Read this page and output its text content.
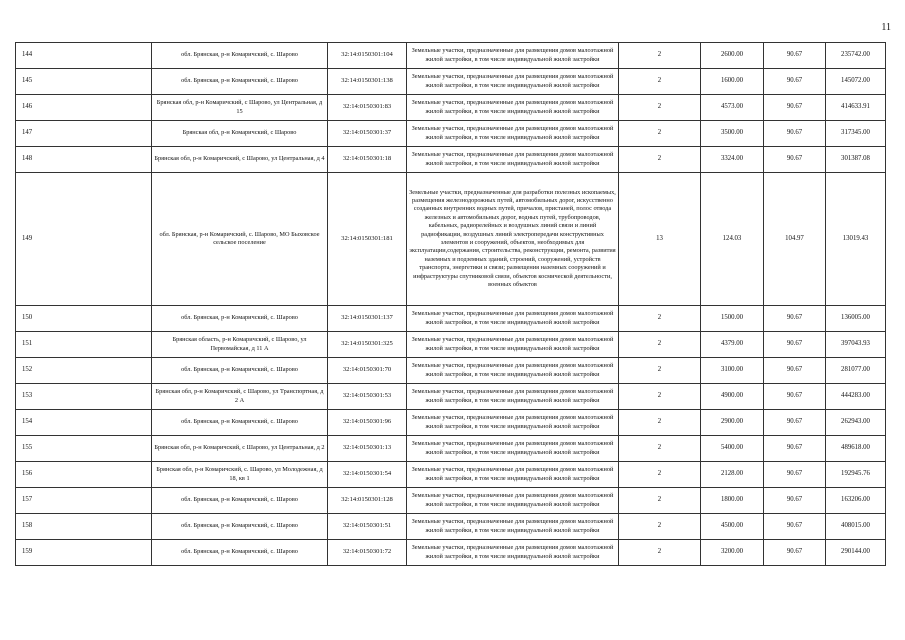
11
144	обл. Брянская, р-н Комаричский, с. Шарово	32:14:0150301:104	Земельные участки, предназначенные для размещения домов малоэтажной жилой застройки, в том числе индивидуальной жилой застройки	2	2600.00	90.67	235742.00
145	обл. Брянская, р-н Комаричский, с. Шарово	32:14:0150301:138	Земельные участки, предназначенные для размещения домов малоэтажной жилой застройки, в том числе индивидуальной жилой застройки	2	1600.00	90.67	145072.00
146	Брянская обл, р-н Комаричский, с Шарово, ул Центральная, д 15	32:14:0150301:83	Земельные участки, предназначенные для размещения домов малоэтажной жилой застройки, в том числе индивидуальной жилой застройки	2	4573.00	90.67	414633.91
147	Брянская обл, р-н Комаричский, с Шарово	32:14:0150301:37	Земельные участки, предназначенные для размещения домов малоэтажной жилой застройки, в том числе индивидуальной жилой застройки	2	3500.00	90.67	317345.00
148	Брянская обл, р-н Комаричский, с Шарово, ул Центральная, д 4	32:14:0150301:18	Земельные участки, предназначенные для размещения домов малоэтажной жилой застройки, в том числе индивидуальной жилой застройки	2	3324.00	90.67	301387.08
149	обл. Брянская, р-н Комаричский, с. Шарово, МО Быховское сельское поселение	32:14:0150301:181	Земельные участки, предназначенные для разработки полезных ископаемых, размещения железнодорожных путей, автомобильных дорог, искусственно созданных внутренних водных путей, причалов, пристаней, полос отвода железных и автомобильных дорог, водных путей, трубопроводов, кабельных, радиорелейных и воздушных линий связи и линий радиофикации, воздушных линий электропередачи конструктивных элементов и сооружений, объектов, необходимых для эксплуатации,содержания, строительства, реконструкции, ремонта, развития наземных и подземных зданий, строений, сооружений, устройств транспорта, энергетики и связи; размещения наземных сооружений и инфраструктуры спутниковой связи, объектов космической деятельности, военных объектов	13	124.03	104.97	13019.43
150	обл. Брянская, р-н Комаричский, с. Шарово	32:14:0150301:137	Земельные участки, предназначенные для размещения домов малоэтажной жилой застройки, в том числе индивидуальной жилой застройки	2	1500.00	90.67	136005.00
151	Брянская область, р-н Комаричский, с Шарово, ул Первомайская, д 11 А	32:14:0150301:325	Земельные участки, предназначенные для размещения домов малоэтажной жилой застройки, в том числе индивидуальной жилой застройки	2	4379.00	90.67	397043.93
152	обл. Брянская, р-н Комаричский, с. Шарово	32:14:0150301:70	Земельные участки, предназначенные для размещения домов малоэтажной жилой застройки, в том числе индивидуальной жилой застройки	2	3100.00	90.67	281077.00
153	Брянская обл, р-н Комаричский, с Шарово, ул Транспортная, д 2 А	32:14:0150301:53	Земельные участки, предназначенные для размещения домов малоэтажной жилой застройки, в том числе индивидуальной жилой застройки	2	4900.00	90.67	444283.00
154	обл. Брянская, р-н Комаричский, с. Шарово	32:14:0150301:96	Земельные участки, предназначенные для размещения домов малоэтажной жилой застройки, в том числе индивидуальной жилой застройки	2	2900.00	90.67	262943.00
155	Брянская обл, р-н Комаричский, с Шарово, ул Центральная, д 2	32:14:0150301:13	Земельные участки, предназначенные для размещения домов малоэтажной жилой застройки, в том числе индивидуальной жилой застройки	2	5400.00	90.67	489618.00
156	Брянская обл, р-н Комаричский, с. Шарово, ул Молодежная, д 18, кв 1	32:14:0150301:54	Земельные участки, предназначенные для размещения домов малоэтажной жилой застройки, в том числе индивидуальной жилой застройки	2	2128.00	90.67	192945.76
157	обл. Брянская, р-н Комаричский, с. Шарово	32:14:0150301:128	Земельные участки, предназначенные для размещения домов малоэтажной жилой застройки, в том числе индивидуальной жилой застройки	2	1800.00	90.67	163206.00
158	обл. Брянская, р-н Комаричский, с. Шарово	32:14:0150301:51	Земельные участки, предназначенные для размещения домов малоэтажной жилой застройки, в том числе индивидуальной жилой застройки	2	4500.00	90.67	408015.00
159	обл. Брянская, р-н Комаричский, с. Шарово	32:14:0150301:72	Земельные участки, предназначенные для размещения домов малоэтажной жилой застройки, в том числе индивидуальной жилой застройки	2	3200.00	90.67	290144.00
